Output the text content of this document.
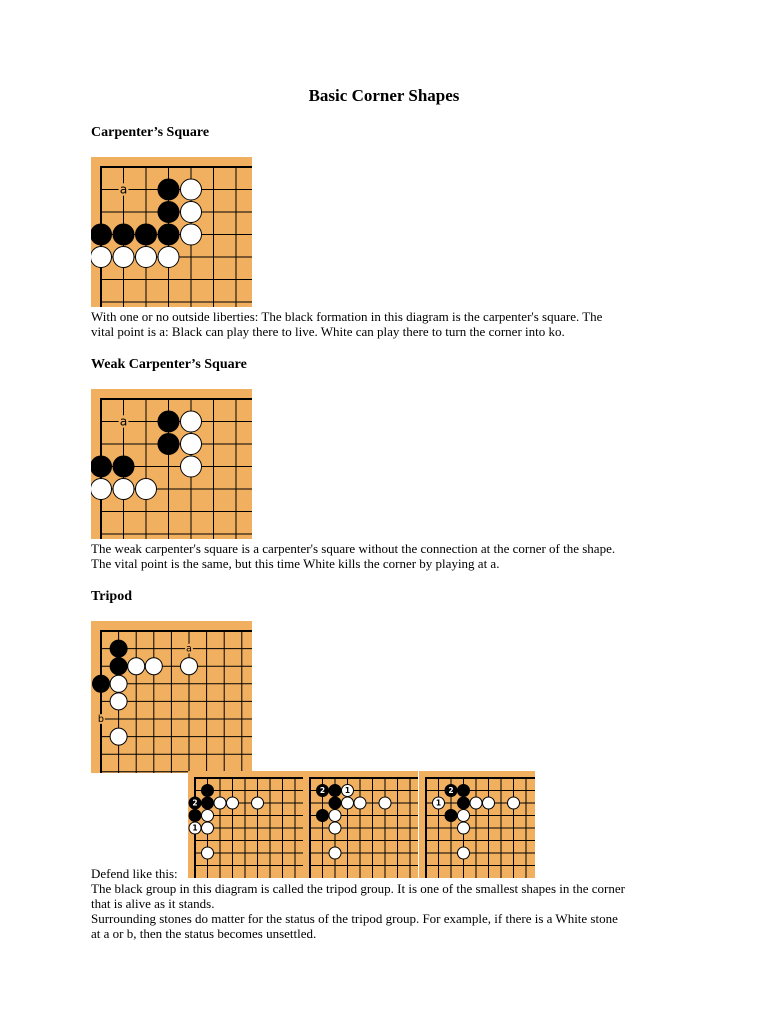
Basic Corner Shapes
Carpenter’s Square
a
With one or no outside liberties: The black formation in this diagram is the carpenter's square. The
vital point is a: Black can play there to live. White can play there to turn the corner into ko.
Weak Carpenter’s Square
a
The weak carpenter's square is a carpenter's square without the connection at the corner of the shape.
The vital point is the same, but this time White kills the corner by playing at a.
Tripod
a
b
2
1
2	1	2
1
Defend like this:
The black group in this diagram is called the tripod group. It is one of the smallest shapes in the corner
that is alive as it stands.
Surrounding stones do matter for the status of the tripod group. For example, if there is a White stone
at a or b, then the status becomes unsettled.
